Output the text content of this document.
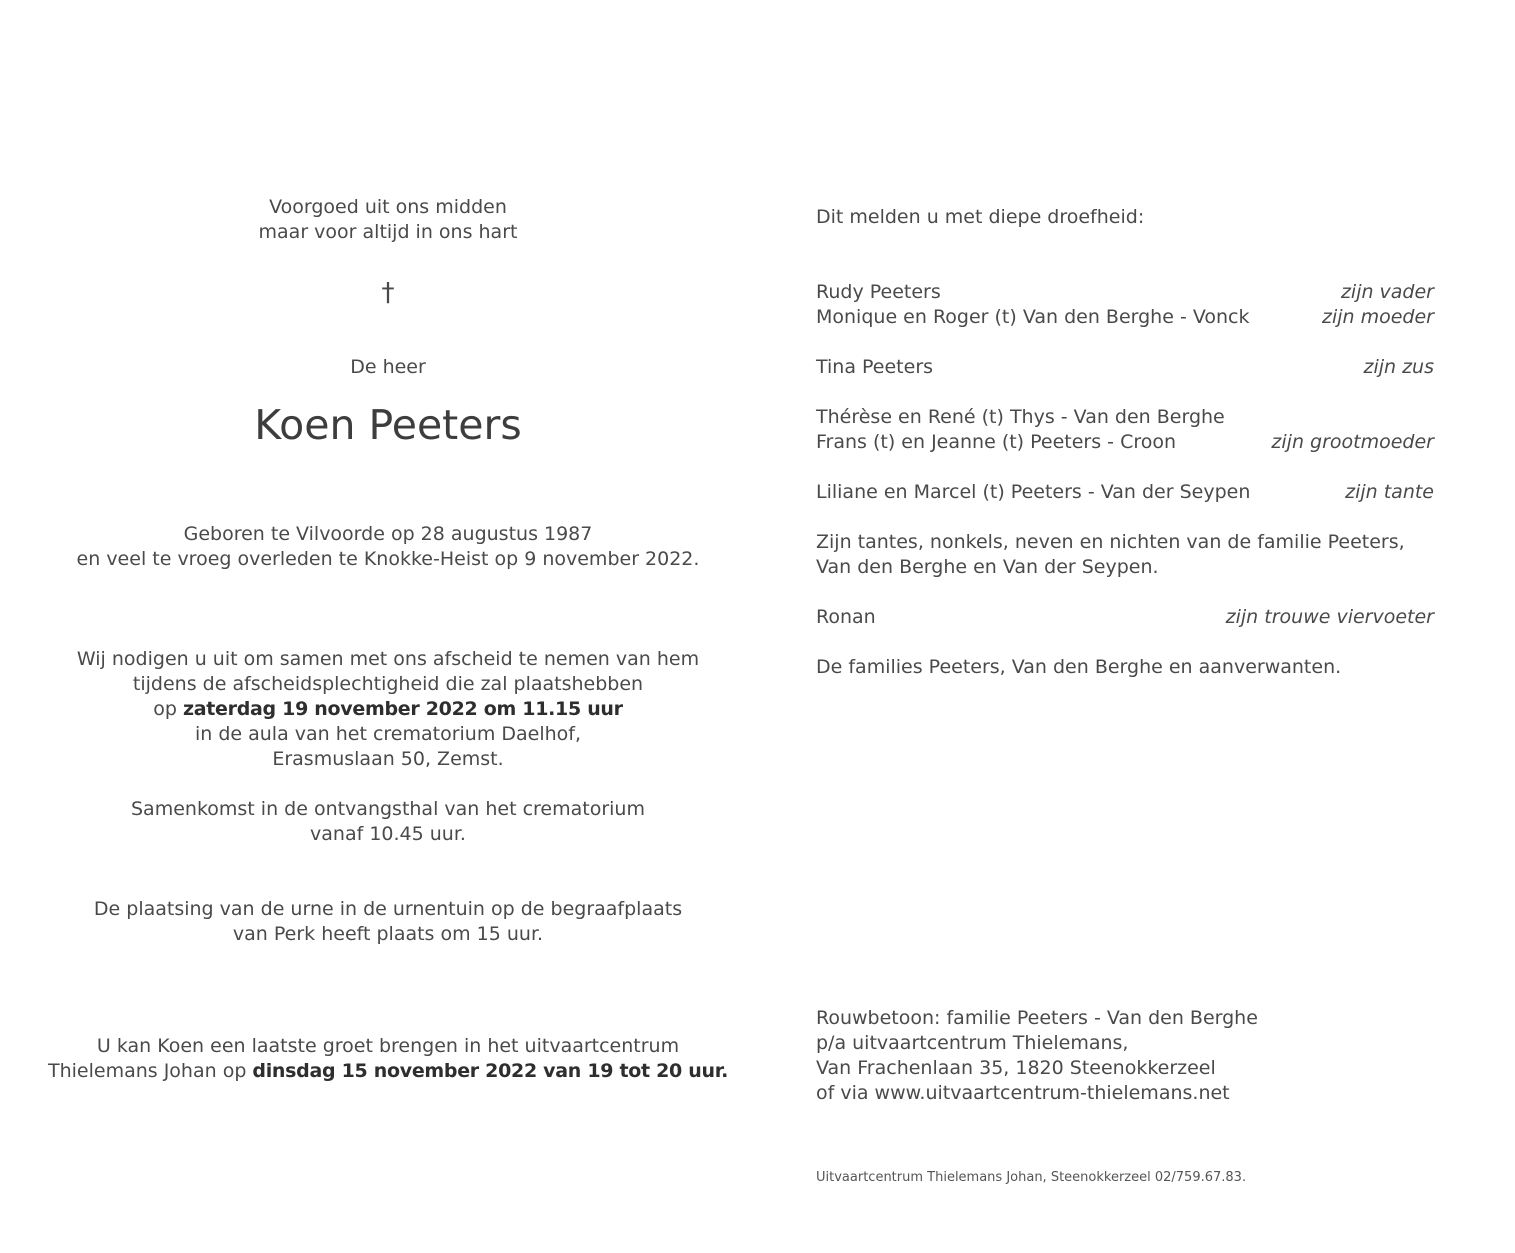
Voorgoed uit ons midden
maar voor altijd in ons hart
†
De heer
Koen Peeters
Geboren te Vilvoorde op 28 augustus 1987
en veel te vroeg overleden te Knokke-Heist op 9 november 2022.
Wij nodigen u uit om samen met ons afscheid te nemen van hem
tijdens de afscheidsplechtigheid die zal plaatshebben
op zaterdag 19 november 2022 om 11.15 uur
in de aula van het crematorium Daelhof,
Erasmuslaan 50, Zemst.
Samenkomst in de ontvangsthal van het crematorium
vanaf 10.45 uur.
De plaatsing van de urne in de urnentuin op de begraafplaats
van Perk heeft plaats om 15 uur.
U kan Koen een laatste groet brengen in het uitvaartcentrum
Thielemans Johan op dinsdag 15 november 2022 van 19 tot 20 uur.
Dit melden u met diepe droefheid:
Rudy Peeters	zijn vader
Monique en Roger (t) Van den Berghe - Vonck	zijn moeder
Tina Peeters	zijn zus
Thérèse en René (t) Thys - Van den Berghe
Frans (t) en Jeanne (t) Peeters - Croon	zijn grootmoeder
Liliane en Marcel (t) Peeters - Van der Seypen	zijn tante
Zijn tantes, nonkels, neven en nichten van de familie Peeters,
Van den Berghe en Van der Seypen.
Ronan	zijn trouwe viervoeter
De families Peeters, Van den Berghe en aanverwanten.
Rouwbetoon: familie Peeters - Van den Berghe
p/a uitvaartcentrum Thielemans,
Van Frachenlaan 35, 1820 Steenokkerzeel
of via www.uitvaartcentrum-thielemans.net
Uitvaartcentrum Thielemans Johan, Steenokkerzeel 02/759.67.83.
